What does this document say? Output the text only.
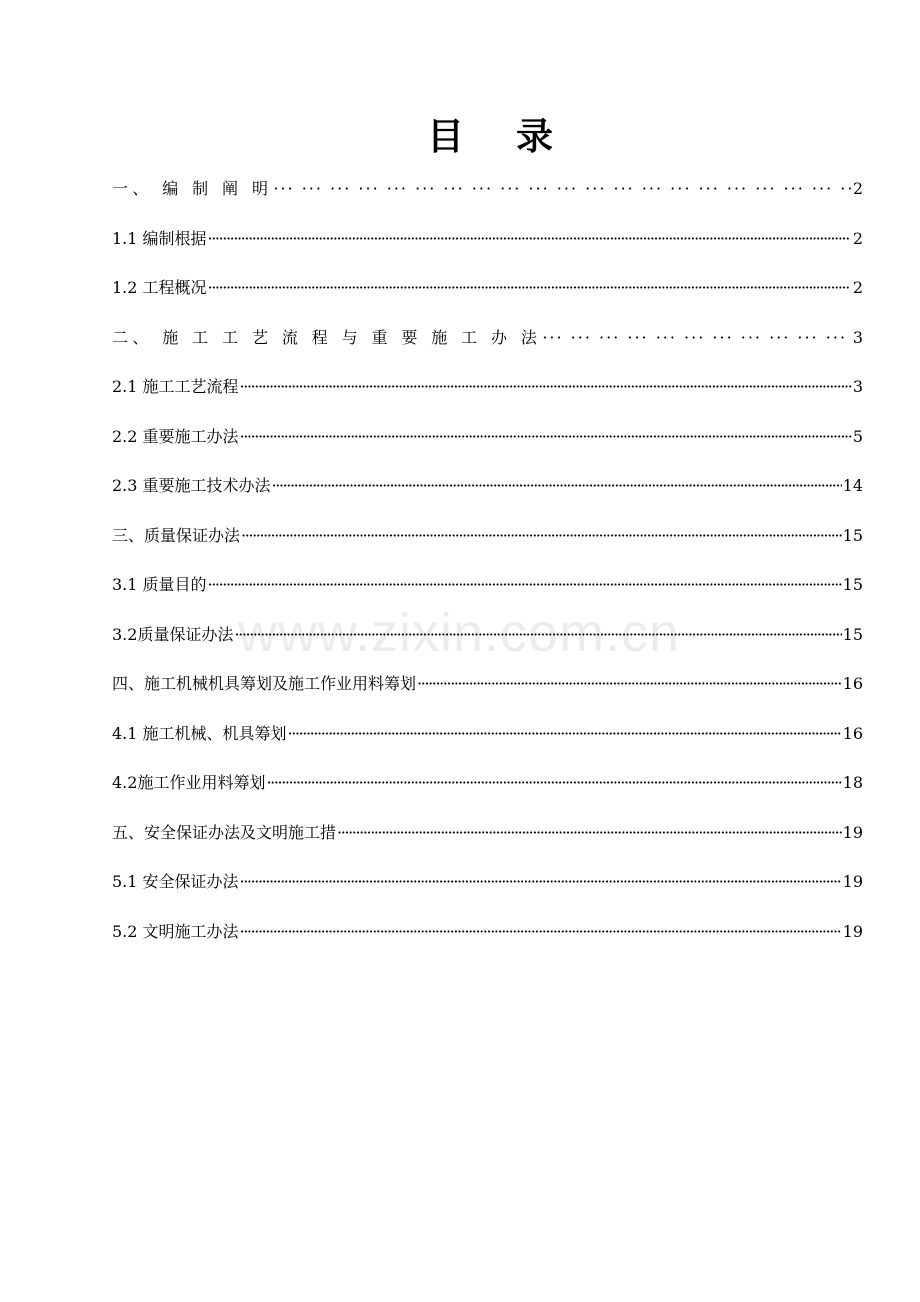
目 录
一、 编 制 阐 明 ··· ·	2
1.1 编制根据 ·····	2
1.2 工程概况 ·····	2
二、 施 工 工 艺 流 程 与 重 要 施 工 办 法 ··· ·	3
2.1 施工工艺流程 ·····	3
2.2 重要施工办法 ·····	5
2.3 重要施工技术办法 ·····	14
三、质量保证办法 ·····	15
3.1 质量目的 ·····	15
3.2质量保证办法 ·····	15
四、施工机械机具筹划及施工作业用料筹划 ·····	16
4.1 施工机械、机具筹划 ·····	16
4.2施工作业用料筹划 ·····	18
五、安全保证办法及文明施工措 ·····	19
5.1 安全保证办法 ·····	19
5.2 文明施工办法 ·····	19
www.zixin.com.cn
